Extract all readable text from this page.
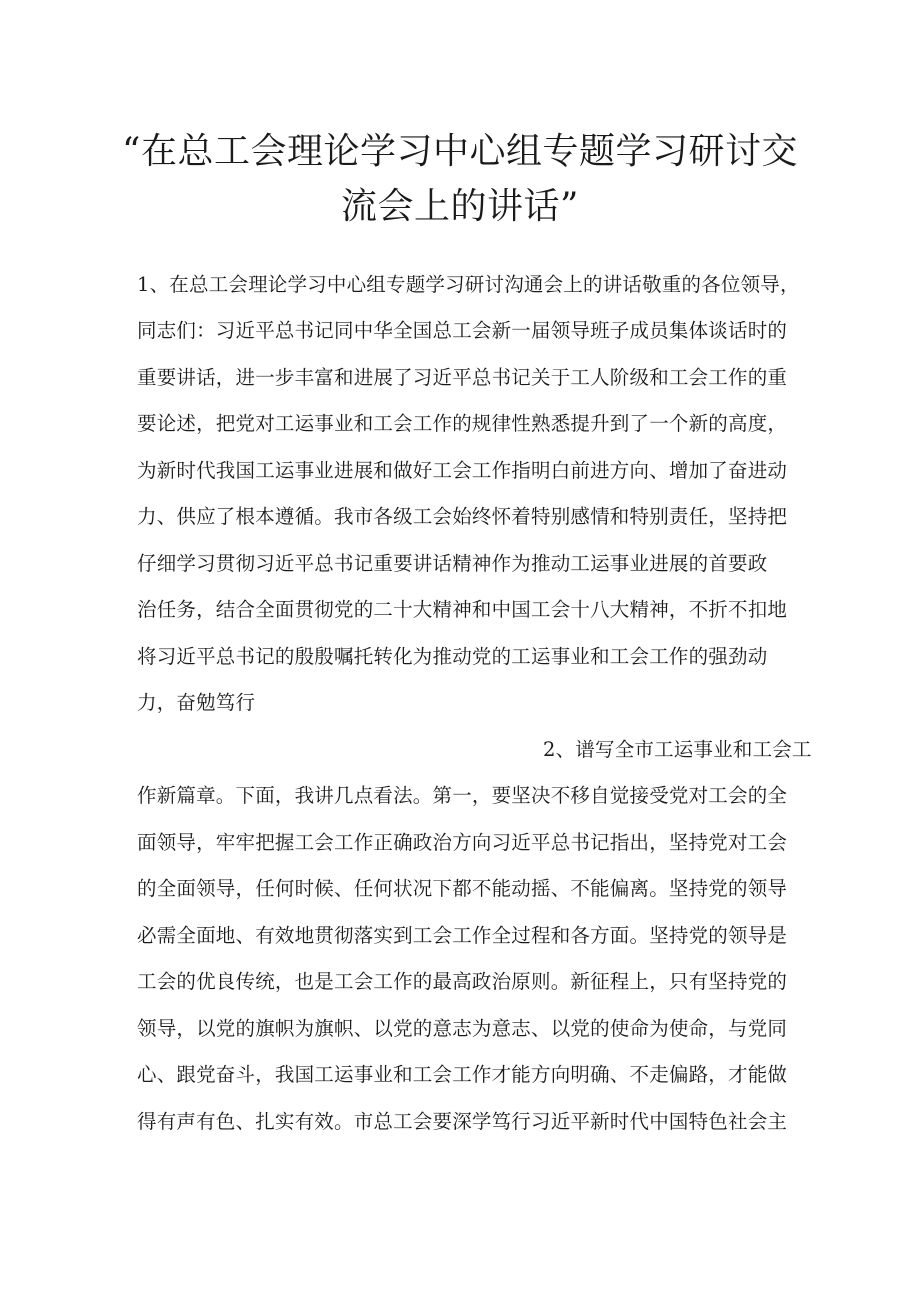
“在总工会理论学习中心组专题学习研讨交
流会上的讲话”
1、在总工会理论学习中心组专题学习研讨沟通会上的讲话敬重的各位领导，
同志们：习近平总书记同中华全国总工会新一届领导班子成员集体谈话时的
重要讲话，进一步丰富和进展了习近平总书记关于工人阶级和工会工作的重
要论述，把党对工运事业和工会工作的规律性熟悉提升到了一个新的高度，
为新时代我国工运事业进展和做好工会工作指明白前进方向、增加了奋进动
力、供应了根本遵循。我市各级工会始终怀着特别感情和特别责任，坚持把
仔细学习贯彻习近平总书记重要讲话精神作为推动工运事业进展的首要政
治任务，结合全面贯彻党的二十大精神和中国工会十八大精神，不折不扣地
将习近平总书记的殷殷嘱托转化为推动党的工运事业和工会工作的强劲动
力，奋勉笃行
2、谱写全市工运事业和工会工
作新篇章。下面，我讲几点看法。第一，要坚决不移自觉接受党对工会的全
面领导，牢牢把握工会工作正确政治方向习近平总书记指出，坚持党对工会
的全面领导，任何时候、任何状况下都不能动摇、不能偏离。坚持党的领导
必需全面地、有效地贯彻落实到工会工作全过程和各方面。坚持党的领导是
工会的优良传统，也是工会工作的最高政治原则。新征程上，只有坚持党的
领导，以党的旗帜为旗帜、以党的意志为意志、以党的使命为使命，与党同
心、跟党奋斗，我国工运事业和工会工作才能方向明确、不走偏路，才能做
得有声有色、扎实有效。市总工会要深学笃行习近平新时代中国特色社会主
